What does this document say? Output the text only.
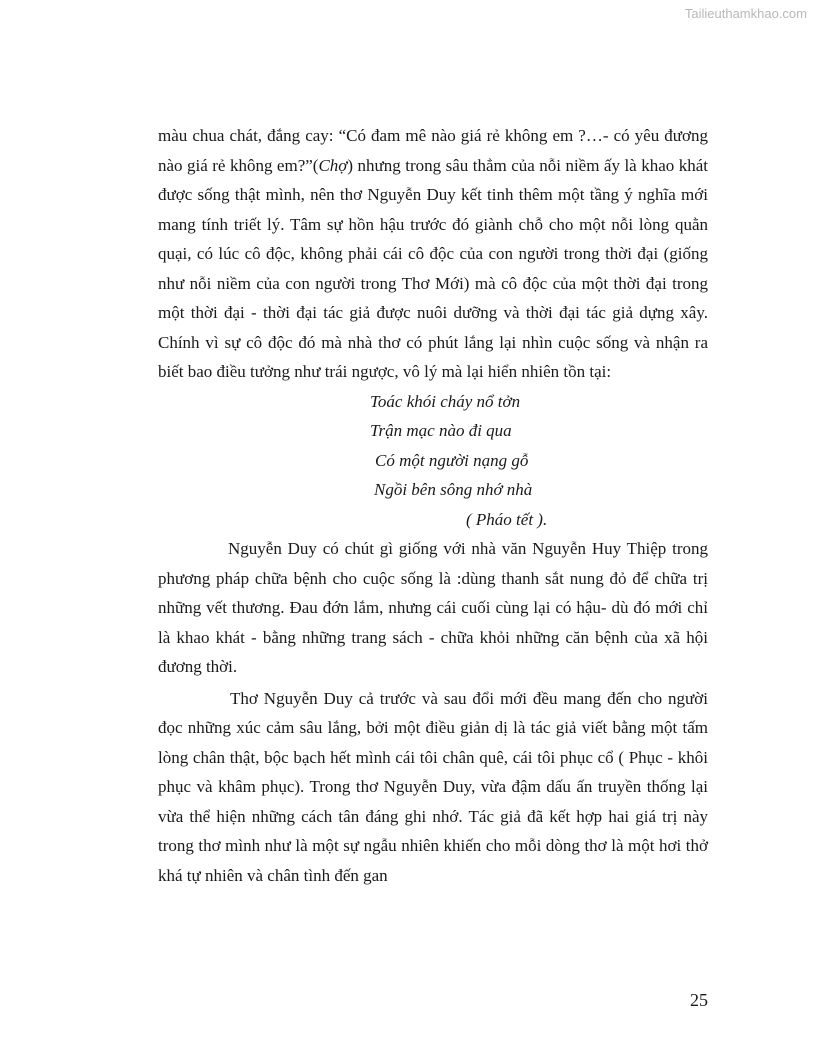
Tailieuthamkhao.com

màu chua chát, đắng cay: “Có đam mê nào giá rẻ không em ?…- có yêu đương nào giá rẻ không em?”(Chợ) nhưng trong sâu thẳm của nỗi niềm ấy là khao khát được sống thật mình, nên thơ Nguyễn Duy kết tinh thêm một tầng ý nghĩa mới mang tính triết lý. Tâm sự hồn hậu trước đó giành chỗ cho một nỗi lòng quằn quại, có lúc cô độc, không phải cái cô độc của con người trong thời đại (giống như nỗi niềm của con người trong Thơ Mới) mà cô độc của một thời đại trong một thời đại - thời đại tác giả được nuôi dưỡng và thời đại tác giả dựng xây. Chính vì sự cô độc đó mà nhà thơ có phút lắng lại nhìn cuộc sống và nhận ra biết bao điều tưởng như trái ngược, vô lý mà lại hiển nhiên tồn tại:

Toác khói cháy nổ tởn

Trận mạc nào đi qua

Có một người nạng gỗ

Ngồi bên sông nhớ nhà

( Pháo tết ).

Nguyễn Duy có chút gì giống với nhà văn Nguyễn Huy Thiệp trong phương pháp chữa bệnh cho cuộc sống là :dùng thanh sắt nung đỏ để chữa trị những vết thương. Đau đớn lắm, nhưng cái cuối cùng lại có hậu- dù đó mới chỉ là khao khát - bằng những trang sách - chữa khỏi những căn bệnh của xã hội đương thời.

Thơ Nguyễn Duy cả trước và sau đổi mới đều mang đến cho người đọc những xúc cảm sâu lắng, bởi một điều giản dị là tác giả viết bằng một tấm lòng chân thật, bộc bạch hết mình cái tôi chân quê, cái tôi phục cổ ( Phục - khôi phục và khâm phục). Trong thơ Nguyễn Duy, vừa đậm dấu ấn truyền thống lại vừa thể hiện những cách tân đáng ghi nhớ. Tác giả đã kết hợp hai giá trị này trong thơ mình như là một sự ngẫu nhiên khiến cho mỗi dòng thơ là một hơi thở khá tự nhiên và chân tình đến gan

25
